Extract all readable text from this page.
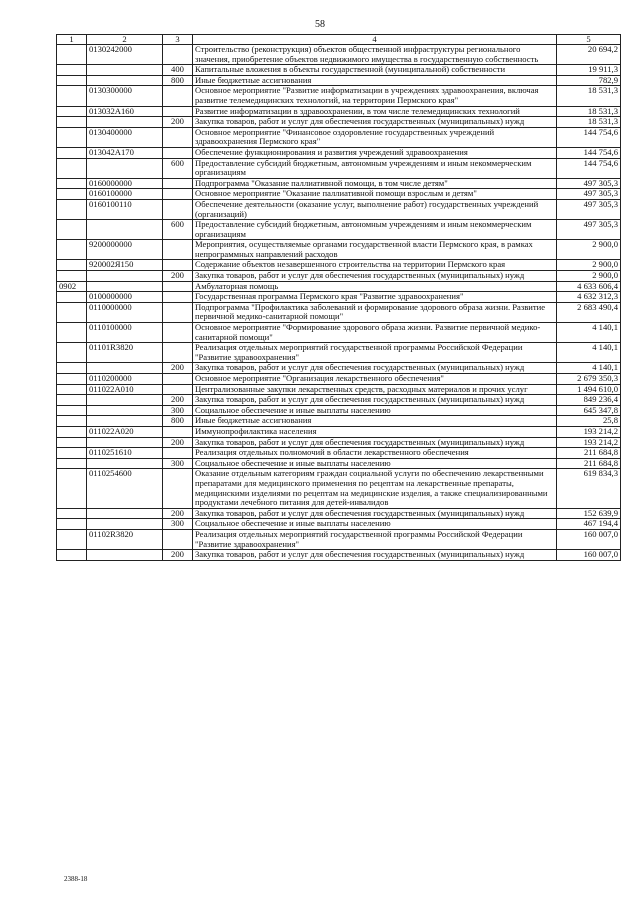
58
1	2	3	4	5
	0130242000		Строительство (реконструкция) объектов общественной инфраструктуры регионального значения, приобретение объектов недвижимого имущества в государственную собственность	20 694,2
		400	Капитальные вложения в объекты государственной (муниципальной) собственности	19 911,3
		800	Иные бюджетные ассигнования	782,9
	0130300000		Основное мероприятие "Развитие информатизации в учреждениях здравоохранения, включая развитие телемедицинских технологий, на территории Пермского края"	18 531,3
	013032А160		Развитие информатизации в здравоохранении, в том числе телемедицинских технологий	18 531,3
		200	Закупка товаров, работ и услуг для обеспечения государственных (муниципальных) нужд	18 531,3
	0130400000		Основное мероприятие "Финансовое оздоровление государственных учреждений здравоохранения Пермского края"	144 754,6
	013042А170		Обеспечение функционирования и развития учреждений здравоохранения	144 754,6
		600	Предоставление субсидий бюджетным, автономным учреждениям и иным некоммерческим организациям	144 754,6
	0160000000		Подпрограмма "Оказание паллиативной помощи, в том числе детям"	497 305,3
	0160100000		Основное мероприятие "Оказание паллиативной помощи взрослым и детям"	497 305,3
	0160100110		Обеспечение деятельности (оказание услуг, выполнение работ) государственных учреждений (организаций)	497 305,3
		600	Предоставление субсидий бюджетным, автономным учреждениям и иным некоммерческим организациям	497 305,3
	9200000000		Мероприятия, осуществляемые органами государственной власти Пермского края, в рамках непрограммных направлений расходов	2 900,0
	920002Я150		Содержание объектов незавершенного строительства на территории Пермского края	2 900,0
		200	Закупка товаров, работ и услуг для обеспечения государственных (муниципальных) нужд	2 900,0
0902			Амбулаторная помощь	4 633 606,4
	0100000000		Государственная программа Пермского края "Развитие здравоохранения"	4 632 312,3
	0110000000		Подпрограмма "Профилактика заболеваний и формирование здорового образа жизни. Развитие первичной медико-санитарной помощи"	2 683 490,4
	0110100000		Основное мероприятие "Формирование здорового образа жизни. Развитие первичной медико-санитарной помощи"	4 140,1
	01101R3820		Реализация отдельных мероприятий государственной программы Российской Федерации "Развитие здравоохранения"	4 140,1
		200	Закупка товаров, работ и услуг для обеспечения государственных (муниципальных) нужд	4 140,1
	0110200000		Основное мероприятие "Организация лекарственного обеспечения"	2 679 350,3
	011022А010		Централизованные закупки лекарственных средств, расходных материалов и прочих услуг	1 494 610,0
		200	Закупка товаров, работ и услуг для обеспечения государственных (муниципальных) нужд	849 236,4
		300	Социальное обеспечение и иные выплаты населению	645 347,8
		800	Иные бюджетные ассигнования	25,8
	011022А020		Иммунопрофилактика населения	193 214,2
		200	Закупка товаров, работ и услуг для обеспечения государственных (муниципальных) нужд	193 214,2
	0110251610		Реализация отдельных полномочий в области лекарственного обеспечения	211 684,8
		300	Социальное обеспечение и иные выплаты населению	211 684,8
	0110254600		Оказание отдельным категориям граждан социальной услуги по обеспечению лекарственными препаратами для медицинского применения по рецептам на лекарственные препараты, медицинскими изделиями по рецептам на медицинские изделия, а также специализированными продуктами лечебного питания для детей-инвалидов	619 834,3
		200	Закупка товаров, работ и услуг для обеспечения государственных (муниципальных) нужд	152 639,9
		300	Социальное обеспечение и иные выплаты населению	467 194,4
	01102R3820		Реализация отдельных мероприятий государственной программы Российской Федерации "Развитие здравоохранения"	160 007,0
		200	Закупка товаров, работ и услуг для обеспечения государственных (муниципальных) нужд	160 007,0
2388-18
